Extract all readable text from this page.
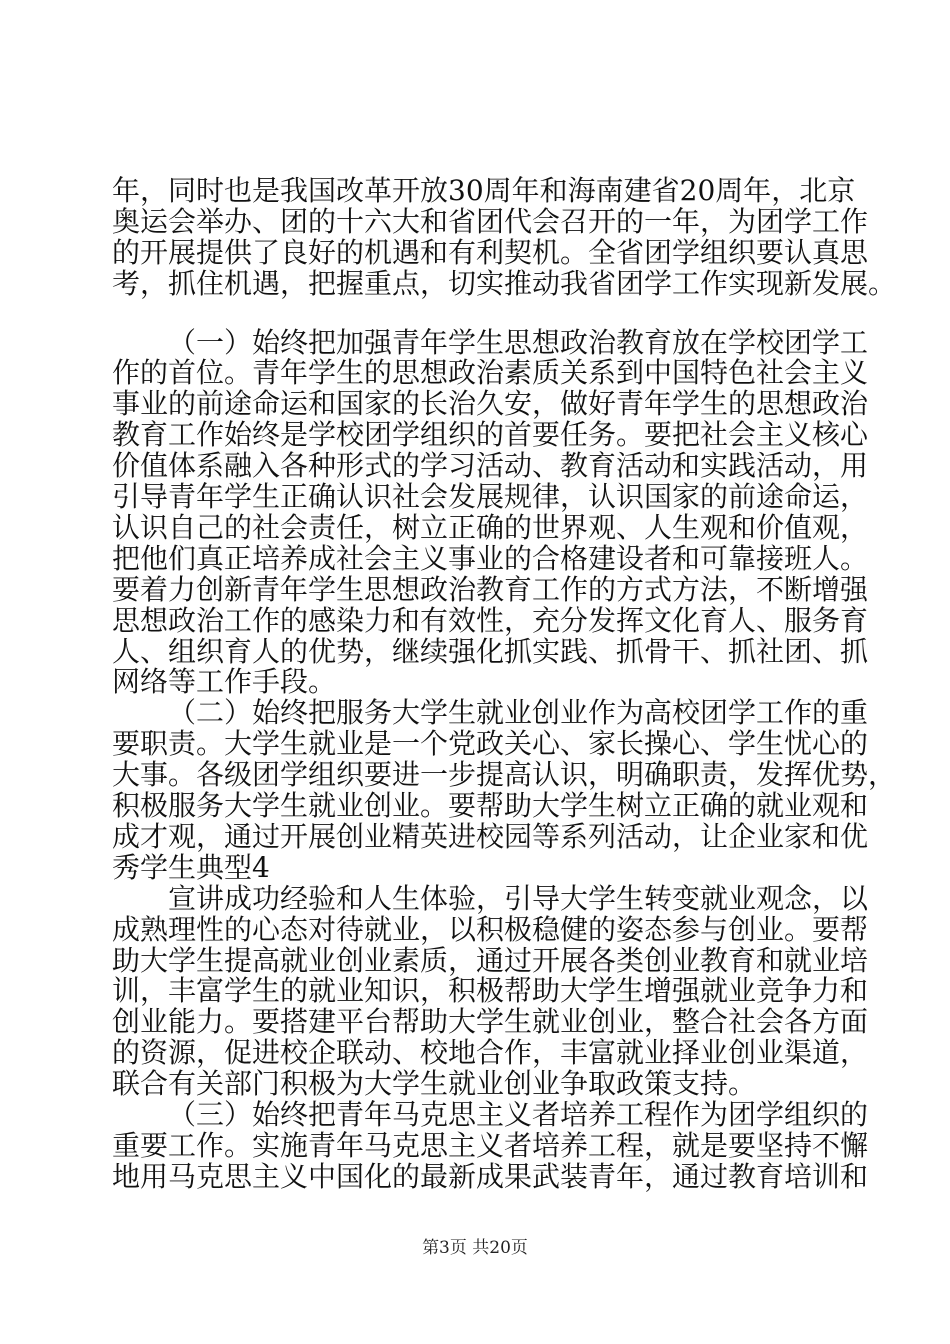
年，同时也是我国改革开放30周年和海南建省20周年，北京
奥运会举办、团的十六大和省团代会召开的一年，为团学工作
的开展提供了良好的机遇和有利契机。全省团学组织要认真思
考，抓住机遇，把握重点，切实推动我省团学工作实现新发展。
（一）始终把加强青年学生思想政治教育放在学校团学工
作的首位。青年学生的思想政治素质关系到中国特色社会主义
事业的前途命运和国家的长治久安，做好青年学生的思想政治
教育工作始终是学校团学组织的首要任务。要把社会主义核心
价值体系融入各种形式的学习活动、教育活动和实践活动，用
引导青年学生正确认识社会发展规律，认识国家的前途命运，
认识自己的社会责任，树立正确的世界观、人生观和价值观，
把他们真正培养成社会主义事业的合格建设者和可靠接班人。
要着力创新青年学生思想政治教育工作的方式方法，不断增强
思想政治工作的感染力和有效性，充分发挥文化育人、服务育
人、组织育人的优势，继续强化抓实践、抓骨干、抓社团、抓
网络等工作手段。
（二）始终把服务大学生就业创业作为高校团学工作的重
要职责。大学生就业是一个党政关心、家长操心、学生忧心的
大事。各级团学组织要进一步提高认识，明确职责，发挥优势，
积极服务大学生就业创业。要帮助大学生树立正确的就业观和
成才观，通过开展创业精英进校园等系列活动，让企业家和优
秀学生典型4
宣讲成功经验和人生体验，引导大学生转变就业观念，以
成熟理性的心态对待就业，以积极稳健的姿态参与创业。要帮
助大学生提高就业创业素质，通过开展各类创业教育和就业培
训，丰富学生的就业知识，积极帮助大学生增强就业竞争力和
创业能力。要搭建平台帮助大学生就业创业，整合社会各方面
的资源，促进校企联动、校地合作，丰富就业择业创业渠道，
联合有关部门积极为大学生就业创业争取政策支持。
（三）始终把青年马克思主义者培养工程作为团学组织的
重要工作。实施青年马克思主义者培养工程，就是要坚持不懈
地用马克思主义中国化的最新成果武装青年，通过教育培训和
第3页 共20页
